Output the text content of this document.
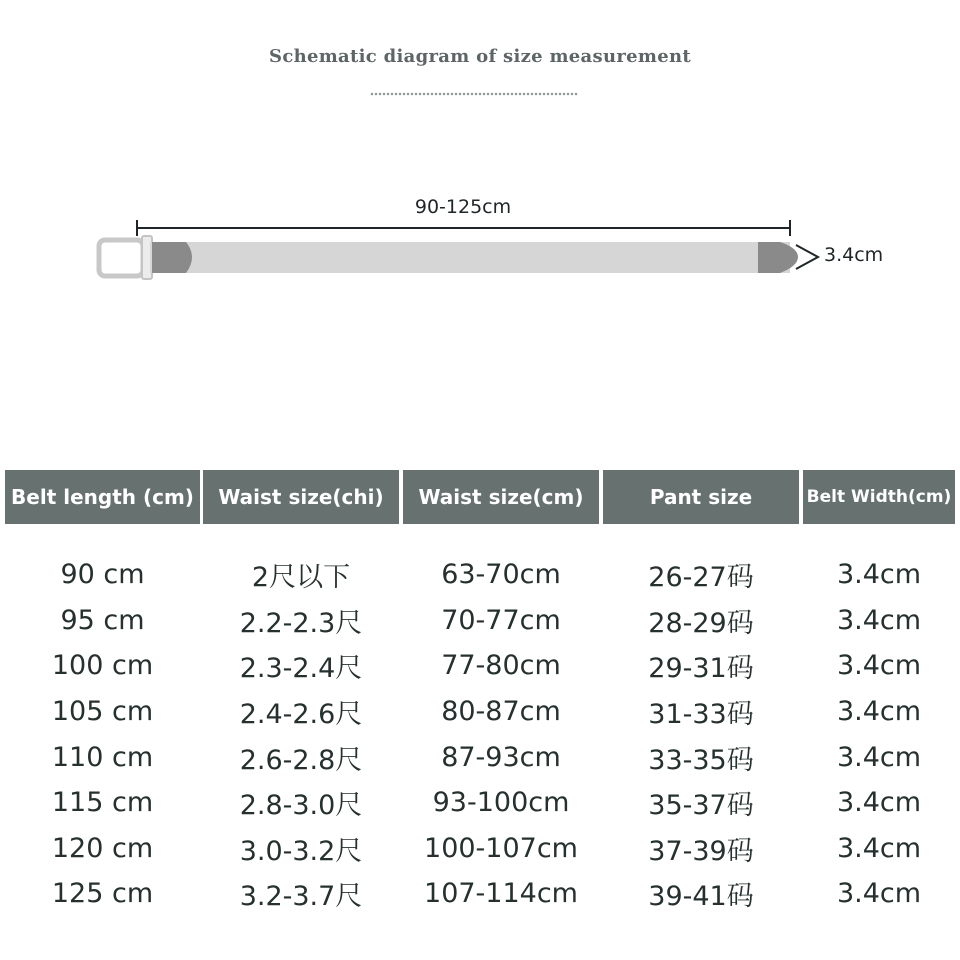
Schematic diagram of size measurement
90-125cm
3.4cm
Belt length (cm)	Waist size(chi)	Waist size(cm)	Pant size	Belt Width(cm)
90 cm	2尺以下	63-70cm	26-27码	3.4cm
95 cm	2.2-2.3尺	70-77cm	28-29码	3.4cm
100 cm	2.3-2.4尺	77-80cm	29-31码	3.4cm
105 cm	2.4-2.6尺	80-87cm	31-33码	3.4cm
110 cm	2.6-2.8尺	87-93cm	33-35码	3.4cm
115 cm	2.8-3.0尺	93-100cm	35-37码	3.4cm
120 cm	3.0-3.2尺	100-107cm	37-39码	3.4cm
125 cm	3.2-3.7尺	107-114cm	39-41码	3.4cm
